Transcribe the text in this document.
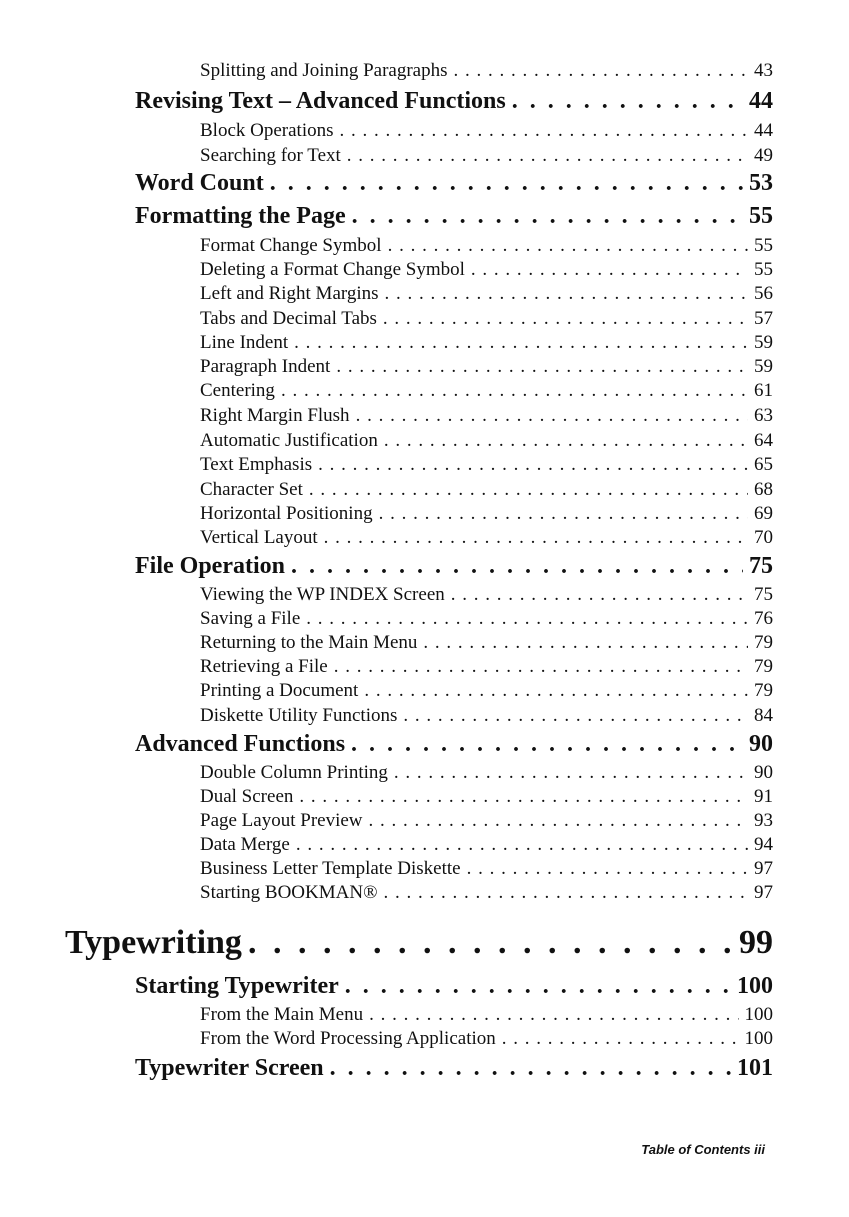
Splitting and Joining Paragraphs . . .	43
Revising Text – Advanced Functions . . .	44
Block Operations . . .	44
Searching for Text . . .	49
Word Count . . .	53
Formatting the Page . . .	55
Format Change Symbol . . .	55
Deleting a Format Change Symbol . . .	55
Left and Right Margins . . .	56
Tabs and Decimal Tabs . . .	57
Line Indent . . .	59
Paragraph Indent . . .	59
Centering . . .	61
Right Margin Flush . . .	63
Automatic Justification . . .	64
Text Emphasis . . .	65
Character Set . . .	68
Horizontal Positioning . . .	69
Vertical Layout . . .	70
File Operation . . .	75
Viewing the WP INDEX Screen . . .	75
Saving a File . . .	76
Returning to the Main Menu . . .	79
Retrieving a File . . .	79
Printing a Document . . .	79
Diskette Utility Functions . . .	84
Advanced Functions . . .	90
Double Column Printing . . .	90
Dual Screen . . .	91
Page Layout Preview . . .	93
Data Merge . . .	94
Business Letter Template Diskette . . .	97
Starting BOOKMAN® . . .	97
Typewriting . . .	99
Starting Typewriter . . .	100
From the Main Menu . . .	100
From the Word Processing Application . . .	100
Typewriter Screen . . .	101
Table of Contents iii
